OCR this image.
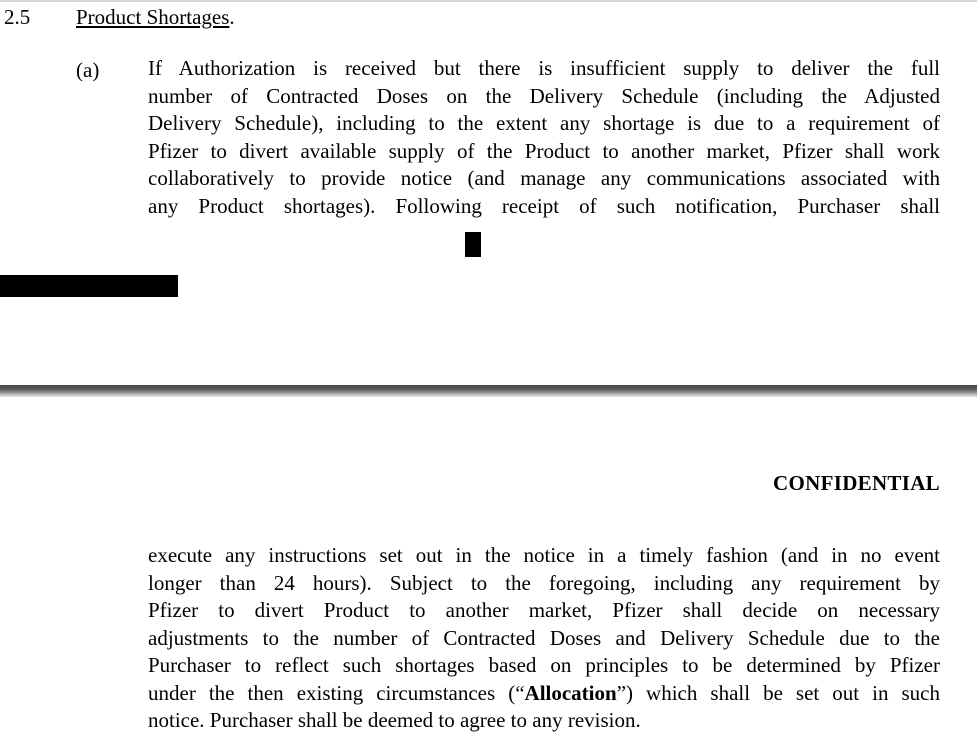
2.5 Product Shortages.
(a) If Authorization is received but there is insufficient supply to deliver the full
number of Contracted Doses on the Delivery Schedule (including the Adjusted
Delivery Schedule), including to the extent any shortage is due to a requirement of
Pfizer to divert available supply of the Product to another market, Pfizer shall work
collaboratively to provide notice (and manage any communications associated with
any Product shortages). Following receipt of such notification, Purchaser shall
CONFIDENTIAL
execute any instructions set out in the notice in a timely fashion (and in no event
longer than 24 hours). Subject to the foregoing, including any requirement by
Pfizer to divert Product to another market, Pfizer shall decide on necessary
adjustments to the number of Contracted Doses and Delivery Schedule due to the
Purchaser to reflect such shortages based on principles to be determined by Pfizer
under the then existing circumstances (“Allocation”) which shall be set out in such
notice. Purchaser shall be deemed to agree to any revision.
